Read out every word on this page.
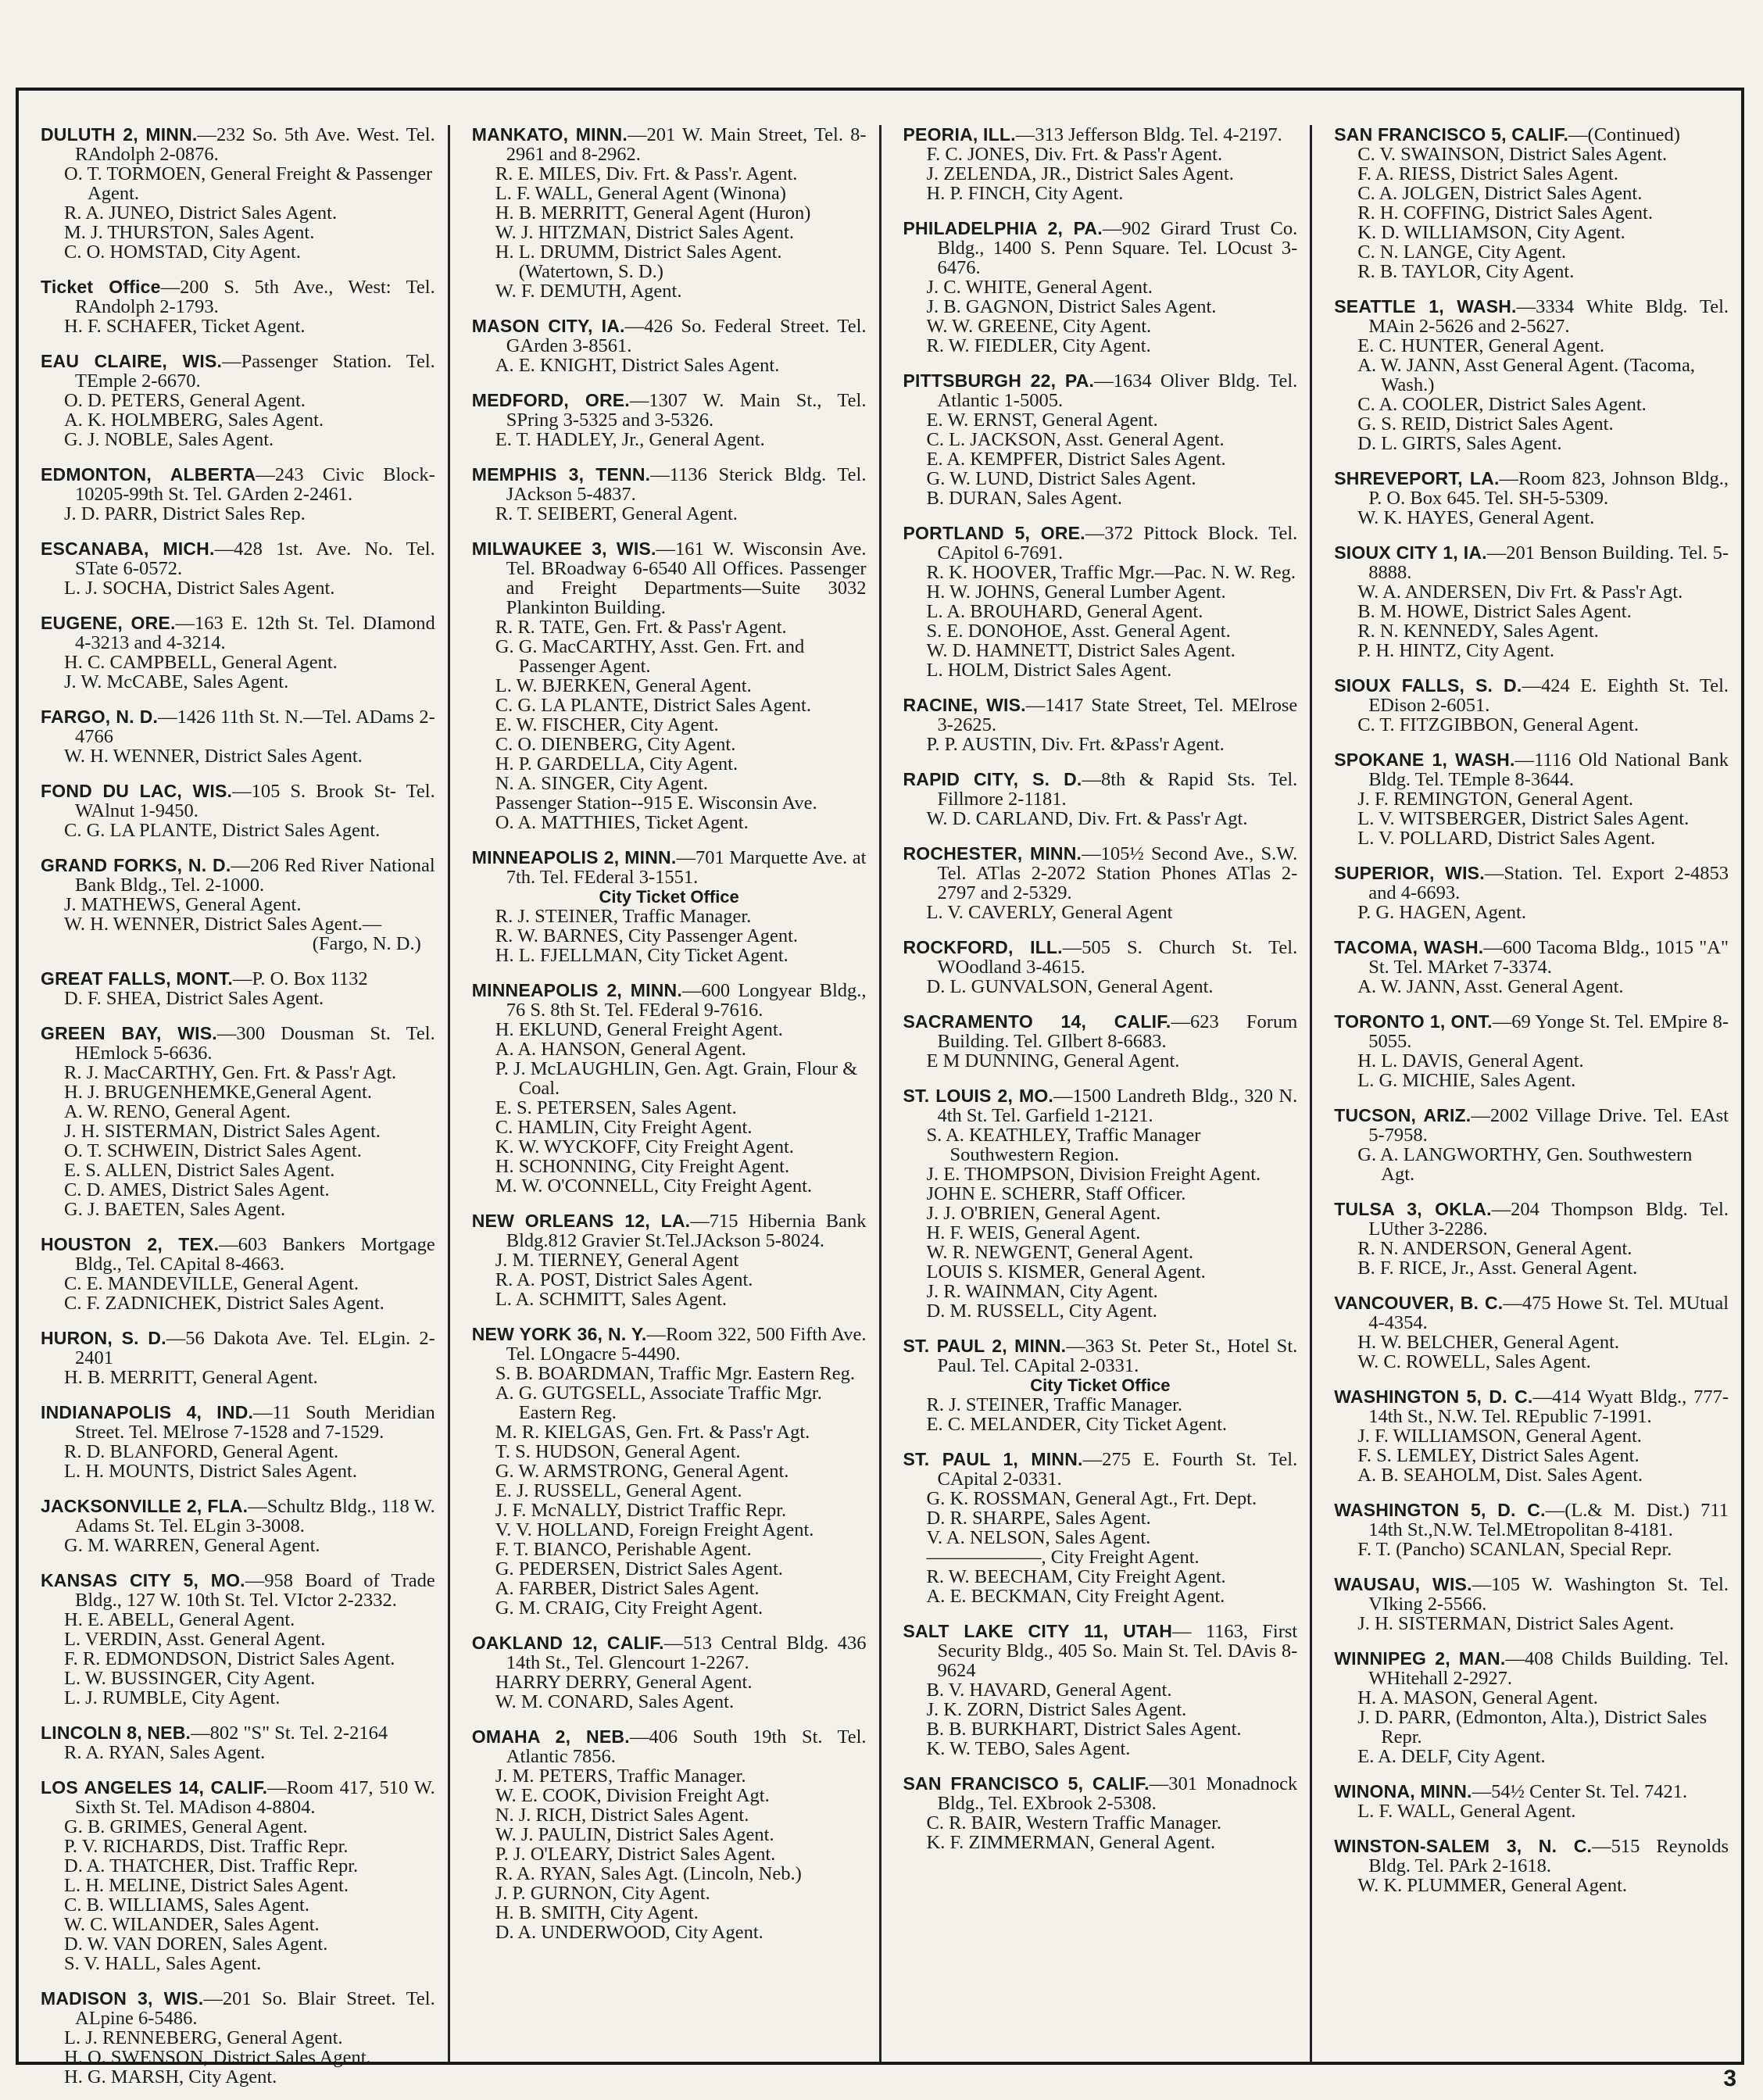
DULUTH 2, MINN.—232 So. 5th Ave. West. Tel. RAndolph 2-0876.
O. T. TORMOEN, General Freight & Passenger Agent.
R. A. JUNEO, District Sales Agent.
M. J. THURSTON, Sales Agent.
C. O. HOMSTAD, City Agent.
Ticket Office—200 S. 5th Ave., West: Tel. RAndolph 2-1793.
H. F. SCHAFER, Ticket Agent.
EAU CLAIRE, WIS.—Passenger Station. Tel. TEmple 2-6670.
O. D. PETERS, General Agent.
A. K. HOLMBERG, Sales Agent.
G. J. NOBLE, Sales Agent.
EDMONTON, ALBERTA—243 Civic Block-10205-99th St. Tel. GArden 2-2461.
J. D. PARR, District Sales Rep.
ESCANABA, MICH.—428 1st. Ave. No. Tel. STate 6-0572.
L. J. SOCHA, District Sales Agent.
EUGENE, ORE.—163 E. 12th St. Tel. DIamond 4-3213 and 4-3214.
H. C. CAMPBELL, General Agent.
J. W. McCABE, Sales Agent.
FARGO, N. D.—1426 11th St. N.—Tel. ADams 2-4766
W. H. WENNER, District Sales Agent.
FOND DU LAC, WIS.—105 S. Brook St- Tel. WAlnut 1-9450.
C. G. LA PLANTE, District Sales Agent.
GRAND FORKS, N. D.—206 Red River National Bank Bldg., Tel. 2-1000.
J. MATHEWS, General Agent.
W. H. WENNER, District Sales Agent.—
(Fargo, N. D.)
GREAT FALLS, MONT.—P. O. Box 1132
D. F. SHEA, District Sales Agent.
GREEN BAY, WIS.—300 Dousman St. Tel. HEmlock 5-6636.
R. J. MacCARTHY, Gen. Frt. & Pass'r Agt.
H. J. BRUGENHEMKE,General Agent.
A. W. RENO, General Agent.
J. H. SISTERMAN, District Sales Agent.
O. T. SCHWEIN, District Sales Agent.
E. S. ALLEN, District Sales Agent.
C. D. AMES, District Sales Agent.
G. J. BAETEN, Sales Agent.
HOUSTON 2, TEX.—603 Bankers Mortgage Bldg., Tel. CApital 8-4663.
C. E. MANDEVILLE, General Agent.
C. F. ZADNICHEK, District Sales Agent.
HURON, S. D.—56 Dakota Ave. Tel. ELgin. 2-2401
H. B. MERRITT, General Agent.
INDIANAPOLIS 4, IND.—11 South Meridian Street. Tel. MElrose 7-1528 and 7-1529.
R. D. BLANFORD, General Agent.
L. H. MOUNTS, District Sales Agent.
JACKSONVILLE 2, FLA.—Schultz Bldg., 118 W. Adams St. Tel. ELgin 3-3008.
G. M. WARREN, General Agent.
KANSAS CITY 5, MO.—958 Board of Trade Bldg., 127 W. 10th St. Tel. VIctor 2-2332.
H. E. ABELL, General Agent.
L. VERDIN, Asst. General Agent.
F. R. EDMONDSON, District Sales Agent.
L. W. BUSSINGER, City Agent.
L. J. RUMBLE, City Agent.
LINCOLN 8, NEB.—802 "S" St. Tel. 2-2164
R. A. RYAN, Sales Agent.
LOS ANGELES 14, CALIF.—Room 417, 510 W. Sixth St. Tel. MAdison 4-8804.
G. B. GRIMES, General Agent.
P. V. RICHARDS, Dist. Traffic Repr.
D. A. THATCHER, Dist. Traffic Repr.
L. H. MELINE, District Sales Agent.
C. B. WILLIAMS, Sales Agent.
W. C. WILANDER, Sales Agent.
D. W. VAN DOREN, Sales Agent.
S. V. HALL, Sales Agent.
MADISON 3, WIS.—201 So. Blair Street. Tel. ALpine 6-5486.
L. J. RENNEBERG, General Agent.
H. O. SWENSON, District Sales Agent.
H. G. MARSH, City Agent.
MANKATO, MINN.—201 W. Main Street, Tel. 8-2961 and 8-2962.
R. E. MILES, Div. Frt. & Pass'r. Agent.
L. F. WALL, General Agent (Winona)
H. B. MERRITT, General Agent (Huron)
W. J. HITZMAN, District Sales Agent.
H. L. DRUMM, District Sales Agent. (Watertown, S. D.)
W. F. DEMUTH, Agent.
MASON CITY, IA.—426 So. Federal Street. Tel. GArden 3-8561.
A. E. KNIGHT, District Sales Agent.
MEDFORD, ORE.—1307 W. Main St., Tel. SPring 3-5325 and 3-5326.
E. T. HADLEY, Jr., General Agent.
MEMPHIS 3, TENN.—1136 Sterick Bldg. Tel. JAckson 5-4837.
R. T. SEIBERT, General Agent.
MILWAUKEE 3, WIS.—161 W. Wisconsin Ave. Tel. BRoadway 6-6540 All Offices. Passenger and Freight Departments—Suite 3032 Plankinton Building.
R. R. TATE, Gen. Frt. & Pass'r Agent.
G. G. MacCARTHY, Asst. Gen. Frt. and Passenger Agent.
L. W. BJERKEN, General Agent.
C. G. LA PLANTE, District Sales Agent.
E. W. FISCHER, City Agent.
C. O. DIENBERG, City Agent.
H. P. GARDELLA, City Agent.
N. A. SINGER, City Agent.
Passenger Station--915 E. Wisconsin Ave.
O. A. MATTHIES, Ticket Agent.
MINNEAPOLIS 2, MINN.—701 Marquette Ave. at 7th. Tel. FEderal 3-1551.
City Ticket Office
R. J. STEINER, Traffic Manager.
R. W. BARNES, City Passenger Agent.
H. L. FJELLMAN, City Ticket Agent.
MINNEAPOLIS 2, MINN.—600 Longyear Bldg., 76 S. 8th St. Tel. FEderal 9-7616.
H. EKLUND, General Freight Agent.
A. A. HANSON, General Agent.
P. J. McLAUGHLIN, Gen. Agt. Grain, Flour & Coal.
E. S. PETERSEN, Sales Agent.
C. HAMLIN, City Freight Agent.
K. W. WYCKOFF, City Freight Agent.
H. SCHONNING, City Freight Agent.
M. W. O'CONNELL, City Freight Agent.
NEW ORLEANS 12, LA.—715 Hibernia Bank Bldg.812 Gravier St.Tel.JAckson 5-8024.
J. M. TIERNEY, General Agent
R. A. POST, District Sales Agent.
L. A. SCHMITT, Sales Agent.
NEW YORK 36, N. Y.—Room 322, 500 Fifth Ave. Tel. LOngacre 5-4490.
S. B. BOARDMAN, Traffic Mgr. Eastern Reg.
A. G. GUTGSELL, Associate Traffic Mgr. Eastern Reg.
M. R. KIELGAS, Gen. Frt. & Pass'r Agt.
T. S. HUDSON, General Agent.
G. W. ARMSTRONG, General Agent.
E. J. RUSSELL, General Agent.
J. F. McNALLY, District Traffic Repr.
V. V. HOLLAND, Foreign Freight Agent.
F. T. BIANCO, Perishable Agent.
G. PEDERSEN, District Sales Agent.
A. FARBER, District Sales Agent.
G. M. CRAIG, City Freight Agent.
OAKLAND 12, CALIF.—513 Central Bldg. 436 14th St., Tel. Glencourt 1-2267.
HARRY DERRY, General Agent.
W. M. CONARD, Sales Agent.
OMAHA 2, NEB.—406 South 19th St. Tel. Atlantic 7856.
J. M. PETERS, Traffic Manager.
W. E. COOK, Division Freight Agt.
N. J. RICH, District Sales Agent.
W. J. PAULIN, District Sales Agent.
P. J. O'LEARY, District Sales Agent.
R. A. RYAN, Sales Agt. (Lincoln, Neb.)
J. P. GURNON, City Agent.
H. B. SMITH, City Agent.
D. A. UNDERWOOD, City Agent.
PEORIA, ILL.—313 Jefferson Bldg. Tel. 4-2197.
F. C. JONES, Div. Frt. & Pass'r Agent.
J. ZELENDA, JR., District Sales Agent.
H. P. FINCH, City Agent.
PHILADELPHIA 2, PA.—902 Girard Trust Co. Bldg., 1400 S. Penn Square. Tel. LOcust 3-6476.
J. C. WHITE, General Agent.
J. B. GAGNON, District Sales Agent.
W. W. GREENE, City Agent.
R. W. FIEDLER, City Agent.
PITTSBURGH 22, PA.—1634 Oliver Bldg. Tel. Atlantic 1-5005.
E. W. ERNST, General Agent.
C. L. JACKSON, Asst. General Agent.
E. A. KEMPFER, District Sales Agent.
G. W. LUND, District Sales Agent.
B. DURAN, Sales Agent.
PORTLAND 5, ORE.—372 Pittock Block. Tel. CApitol 6-7691.
R. K. HOOVER, Traffic Mgr.—Pac. N. W. Reg.
H. W. JOHNS, General Lumber Agent.
L. A. BROUHARD, General Agent.
S. E. DONOHOE, Asst. General Agent.
W. D. HAMNETT, District Sales Agent.
L. HOLM, District Sales Agent.
RACINE, WIS.—1417 State Street, Tel. MElrose 3-2625.
P. P. AUSTIN, Div. Frt. &Pass'r Agent.
RAPID CITY, S. D.—8th & Rapid Sts. Tel. Fillmore 2-1181.
W. D. CARLAND, Div. Frt. & Pass'r Agt.
ROCHESTER, MINN.—105½ Second Ave., S.W. Tel. ATlas 2-2072 Station Phones ATlas 2-2797 and 2-5329.
L. V. CAVERLY, General Agent
ROCKFORD, ILL.—505 S. Church St. Tel. WOodland 3-4615.
D. L. GUNVALSON, General Agent.
SACRAMENTO 14, CALIF.—623 Forum Building. Tel. GIlbert 8-6683.
E M DUNNING, General Agent.
ST. LOUIS 2, MO.—1500 Landreth Bldg., 320 N. 4th St. Tel. Garfield 1-2121.
S. A. KEATHLEY, Traffic Manager Southwestern Region.
J. E. THOMPSON, Division Freight Agent.
JOHN E. SCHERR, Staff Officer.
J. J. O'BRIEN, General Agent.
H. F. WEIS, General Agent.
W. R. NEWGENT, General Agent.
LOUIS S. KISMER, General Agent.
J. R. WAINMAN, City Agent.
D. M. RUSSELL, City Agent.
ST. PAUL 2, MINN.—363 St. Peter St., Hotel St. Paul. Tel. CApital 2-0331.
City Ticket Office
R. J. STEINER, Traffic Manager.
E. C. MELANDER, City Ticket Agent.
ST. PAUL 1, MINN.—275 E. Fourth St. Tel. CApital 2-0331.
G. K. ROSSMAN, General Agt., Frt. Dept.
D. R. SHARPE, Sales Agent.
V. A. NELSON, Sales Agent.
——————, City Freight Agent.
R. W. BEECHAM, City Freight Agent.
A. E. BECKMAN, City Freight Agent.
SALT LAKE CITY 11, UTAH— 1163, First Security Bldg., 405 So. Main St. Tel. DAvis 8-9624
B. V. HAVARD, General Agent.
J. K. ZORN, District Sales Agent.
B. B. BURKHART, District Sales Agent.
K. W. TEBO, Sales Agent.
SAN FRANCISCO 5, CALIF.—301 Monadnock Bldg., Tel. EXbrook 2-5308.
C. R. BAIR, Western Traffic Manager.
K. F. ZIMMERMAN, General Agent.
SAN FRANCISCO 5, CALIF.—(Continued)
C. V. SWAINSON, District Sales Agent.
F. A. RIESS, District Sales Agent.
C. A. JOLGEN, District Sales Agent.
R. H. COFFING, District Sales Agent.
K. D. WILLIAMSON, City Agent.
C. N. LANGE, City Agent.
R. B. TAYLOR, City Agent.
SEATTLE 1, WASH.—3334 White Bldg. Tel. MAin 2-5626 and 2-5627.
E. C. HUNTER, General Agent.
A. W. JANN, Asst General Agent. (Tacoma, Wash.)
C. A. COOLER, District Sales Agent.
G. S. REID, District Sales Agent.
D. L. GIRTS, Sales Agent.
SHREVEPORT, LA.—Room 823, Johnson Bldg., P. O. Box 645. Tel. SH-5-5309.
W. K. HAYES, General Agent.
SIOUX CITY 1, IA.—201 Benson Building. Tel. 5-8888.
W. A. ANDERSEN, Div Frt. & Pass'r Agt.
B. M. HOWE, District Sales Agent.
R. N. KENNEDY, Sales Agent.
P. H. HINTZ, City Agent.
SIOUX FALLS, S. D.—424 E. Eighth St. Tel. EDison 2-6051.
C. T. FITZGIBBON, General Agent.
SPOKANE 1, WASH.—1116 Old National Bank Bldg. Tel. TEmple 8-3644.
J. F. REMINGTON, General Agent.
L. V. WITSBERGER, District Sales Agent.
L. V. POLLARD, District Sales Agent.
SUPERIOR, WIS.—Station. Tel. Export 2-4853 and 4-6693.
P. G. HAGEN, Agent.
TACOMA, WASH.—600 Tacoma Bldg., 1015 "A" St. Tel. MArket 7-3374.
A. W. JANN, Asst. General Agent.
TORONTO 1, ONT.—69 Yonge St. Tel. EMpire 8-5055.
H. L. DAVIS, General Agent.
L. G. MICHIE, Sales Agent.
TUCSON, ARIZ.—2002 Village Drive. Tel. EAst 5-7958.
G. A. LANGWORTHY, Gen. Southwestern Agt.
TULSA 3, OKLA.—204 Thompson Bldg. Tel. LUther 3-2286.
R. N. ANDERSON, General Agent.
B. F. RICE, Jr., Asst. General Agent.
VANCOUVER, B. C.—475 Howe St. Tel. MUtual 4-4354.
H. W. BELCHER, General Agent.
W. C. ROWELL, Sales Agent.
WASHINGTON 5, D. C.—414 Wyatt Bldg., 777-14th St., N.W. Tel. REpublic 7-1991.
J. F. WILLIAMSON, General Agent.
F. S. LEMLEY, District Sales Agent.
A. B. SEAHOLM, Dist. Sales Agent.
WASHINGTON 5, D. C.—(L.& M. Dist.) 711 14th St.,N.W. Tel.MEtropolitan 8-4181.
F. T. (Pancho) SCANLAN, Special Repr.
WAUSAU, WIS.—105 W. Washington St. Tel. VIking 2-5566.
J. H. SISTERMAN, District Sales Agent.
WINNIPEG 2, MAN.—408 Childs Building. Tel. WHitehall 2-2927.
H. A. MASON, General Agent.
J. D. PARR, (Edmonton, Alta.), District Sales Repr.
E. A. DELF, City Agent.
WINONA, MINN.—54½ Center St. Tel. 7421.
L. F. WALL, General Agent.
WINSTON-SALEM 3, N. C.—515 Reynolds Bldg. Tel. PArk 2-1618.
W. K. PLUMMER, General Agent.
3
